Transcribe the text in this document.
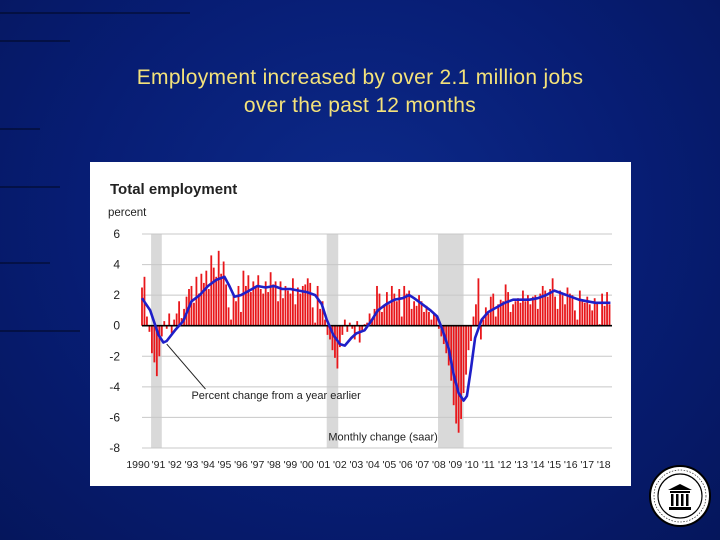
Employment increased by over 2.1 million jobs
over the past 12 months
6
4
2
0
-2
-4
-6
-8
1990 '91 '92 '93 '94 '95 '96 '97 '98 '99 '00 '01 '02 '03 '04 '05 '06 '07 '08 '09 '10 '11 '12 '13 '14 '15 '16 '17 '18
Total employment
percent
Percent change from a year earlier
Monthly change (saar)
